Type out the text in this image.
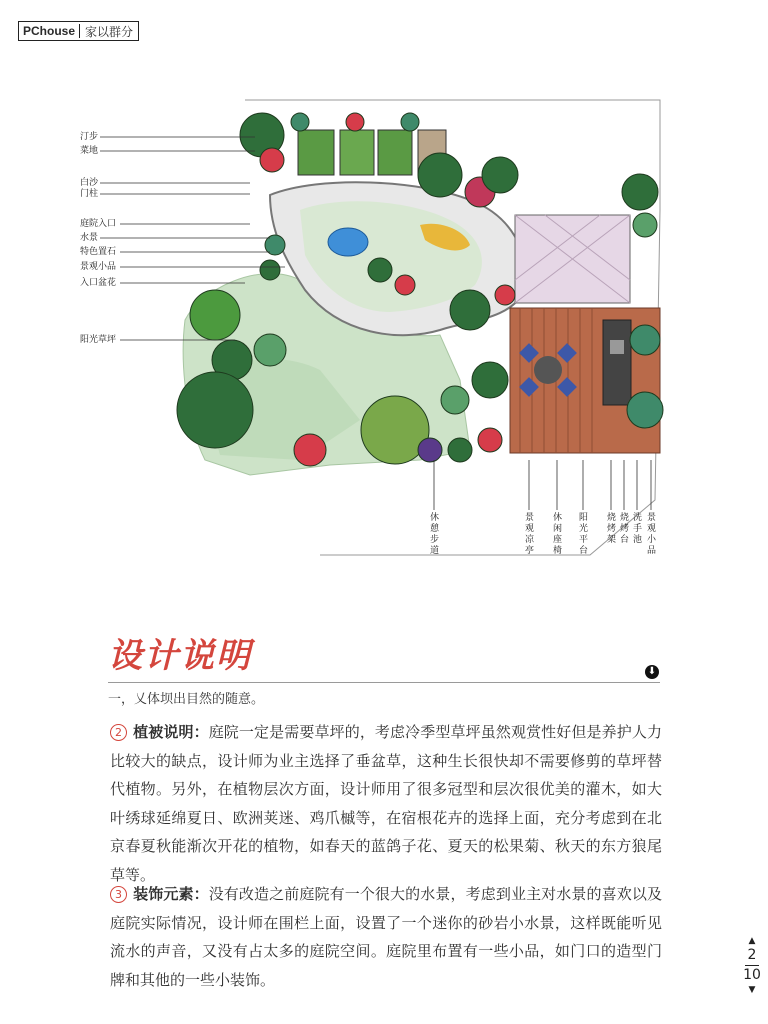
PChouse 家以群分
汀步
菜地
白沙
门柱
庭院入口
水景
特色置石
景观小品
入口盆花
阳光草坪
休憩步道
景观凉亭
休闲座椅
阳光平台
烧烤架
烧烤台
洗手池
景观小品
设计说明	⬇
一，乂体坝出目然的随意。
2 植被说明：庭院一定是需要草坪的，考虑冷季型草坪虽然观赏性好但是养护人力比较大的缺点，设计师为业主选择了垂盆草，这种生长很快却不需要修剪的草坪替代植物。另外，在植物层次方面，设计师用了很多冠型和层次很优美的灌木，如大叶绣球延绵夏日、欧洲荚迷、鸡爪槭等，在宿根花卉的选择上面，充分考虑到在北京春夏秋能渐次开花的植物，如春天的蓝鸽子花、夏天的松果菊、秋天的东方狼尾草等。
3 装饰元素：没有改造之前庭院有一个很大的水景，考虑到业主对水景的喜欢以及庭院实际情况，设计师在围栏上面，设置了一个迷你的砂岩小水景，这样既能听见流水的声音，又没有占太多的庭院空间。庭院里布置有一些小品，如门口的造型门牌和其他的一些小装饰。
▲
2
10
▼
